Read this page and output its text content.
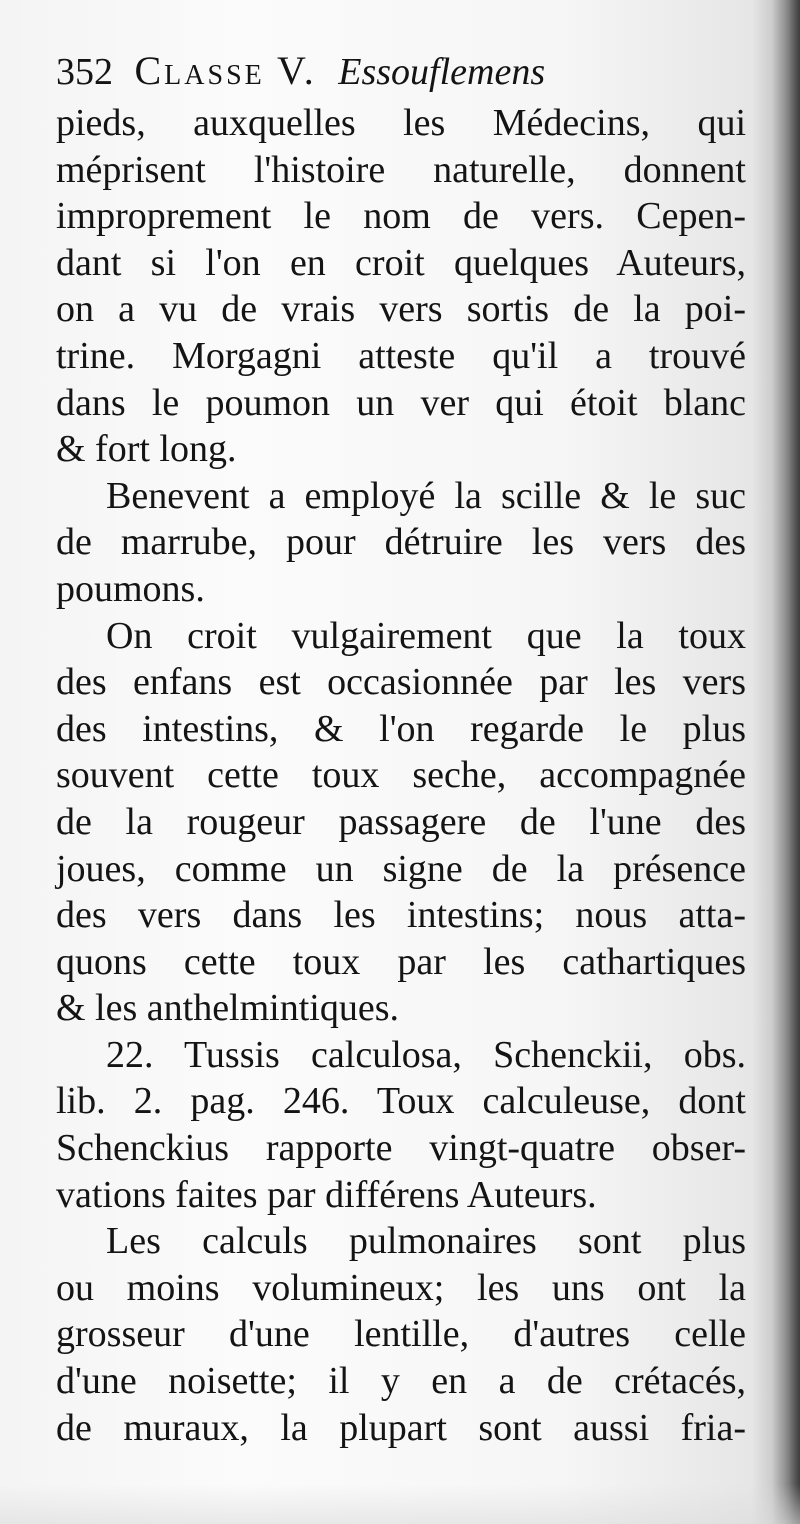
352 Classe V. Essouflemens
pieds, auxquelles les Médecins, qui
méprisent l'histoire naturelle, donnent
improprement le nom de vers. Cepen-
dant si l'on en croit quelques Auteurs,
on a vu de vrais vers sortis de la poi-
trine. Morgagni atteste qu'il a trouvé
dans le poumon un ver qui étoit blanc
& fort long.
Benevent a employé la scille & le suc
de marrube, pour détruire les vers des
poumons.
On croit vulgairement que la toux
des enfans est occasionnée par les vers
des intestins, & l'on regarde le plus
souvent cette toux seche, accompagnée
de la rougeur passagere de l'une des
joues, comme un signe de la présence
des vers dans les intestins; nous atta-
quons cette toux par les cathartiques
& les anthelmintiques.
22. Tussis calculosa, Schenckii, obs.
lib. 2. pag. 246. Toux calculeuse, dont
Schenckius rapporte vingt-quatre obser-
vations faites par différens Auteurs.
Les calculs pulmonaires sont plus
ou moins volumineux; les uns ont la
grosseur d'une lentille, d'autres celle
d'une noisette; il y en a de crétacés,
de muraux, la plupart sont aussi fria-
